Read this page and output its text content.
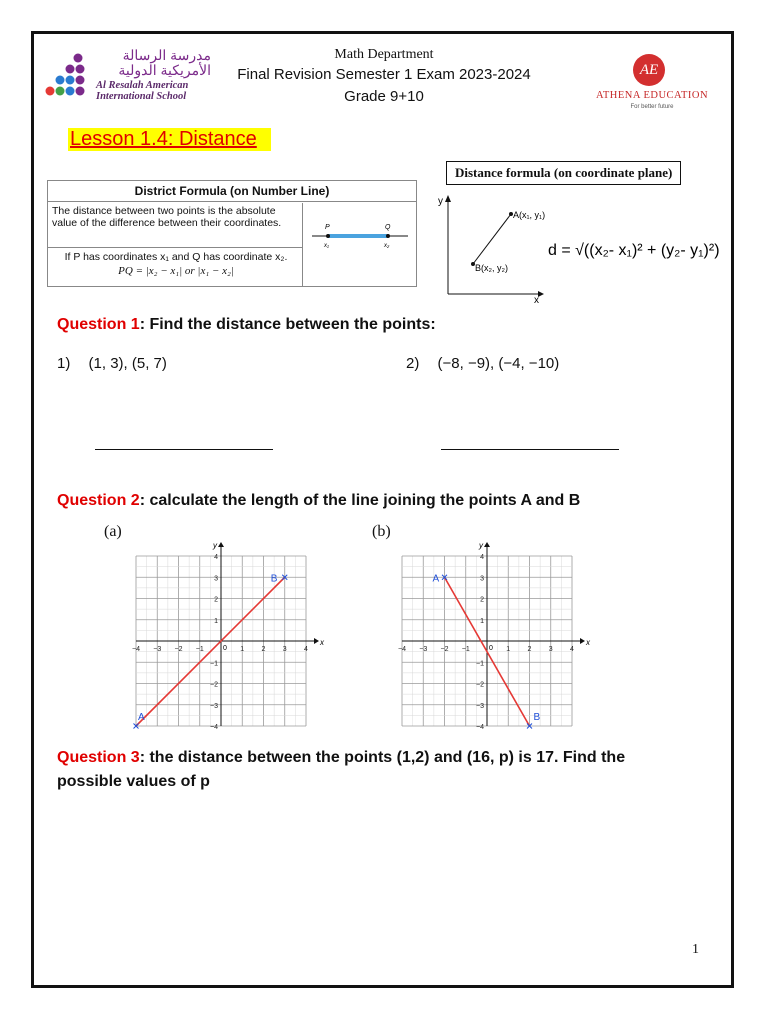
مدرسة الرسالة
الأمريكية الدولية
Al Resalah American
International School
Math Department
Final Revision Semester 1 Exam 2023-2024
Grade 9+10
AE
ATHENA EDUCATION
For better future
Lesson 1.4: Distance
District Formula (on Number Line)
The distance between two points is the absolute value of the difference between their coordinates.
If P has coordinates x₁ and Q has coordinate x₂.
PQ = |x₂ − x₁| or |x₁ − x₂|
P	Q
x₁	x₂
Distance formula (on coordinate plane)
y
x
A(x₁, y₁)
B(x₂, y₂)
d = √((x₂- x₁)² + (y₂- y₁)²)
Question 1: Find the distance between the points:
1) (1, 3), (5, 7)	2) (−8, −9), (−4, −10)
Question 2: calculate the length of the line joining the points A and B
(a)	(b)
x
y
0
−4 −3 −2 −1	1 2 3 4
−4
−3
−2
−1
1
2
3
4
A
B
x
y
0
−4 −3 −2 −1	1 2 3 4
−4
−3
−2
−1
1
2
3
4
A
B
Question 3: the distance between the points (1,2) and (16, p) is 17. Find the
possible values of p
1
